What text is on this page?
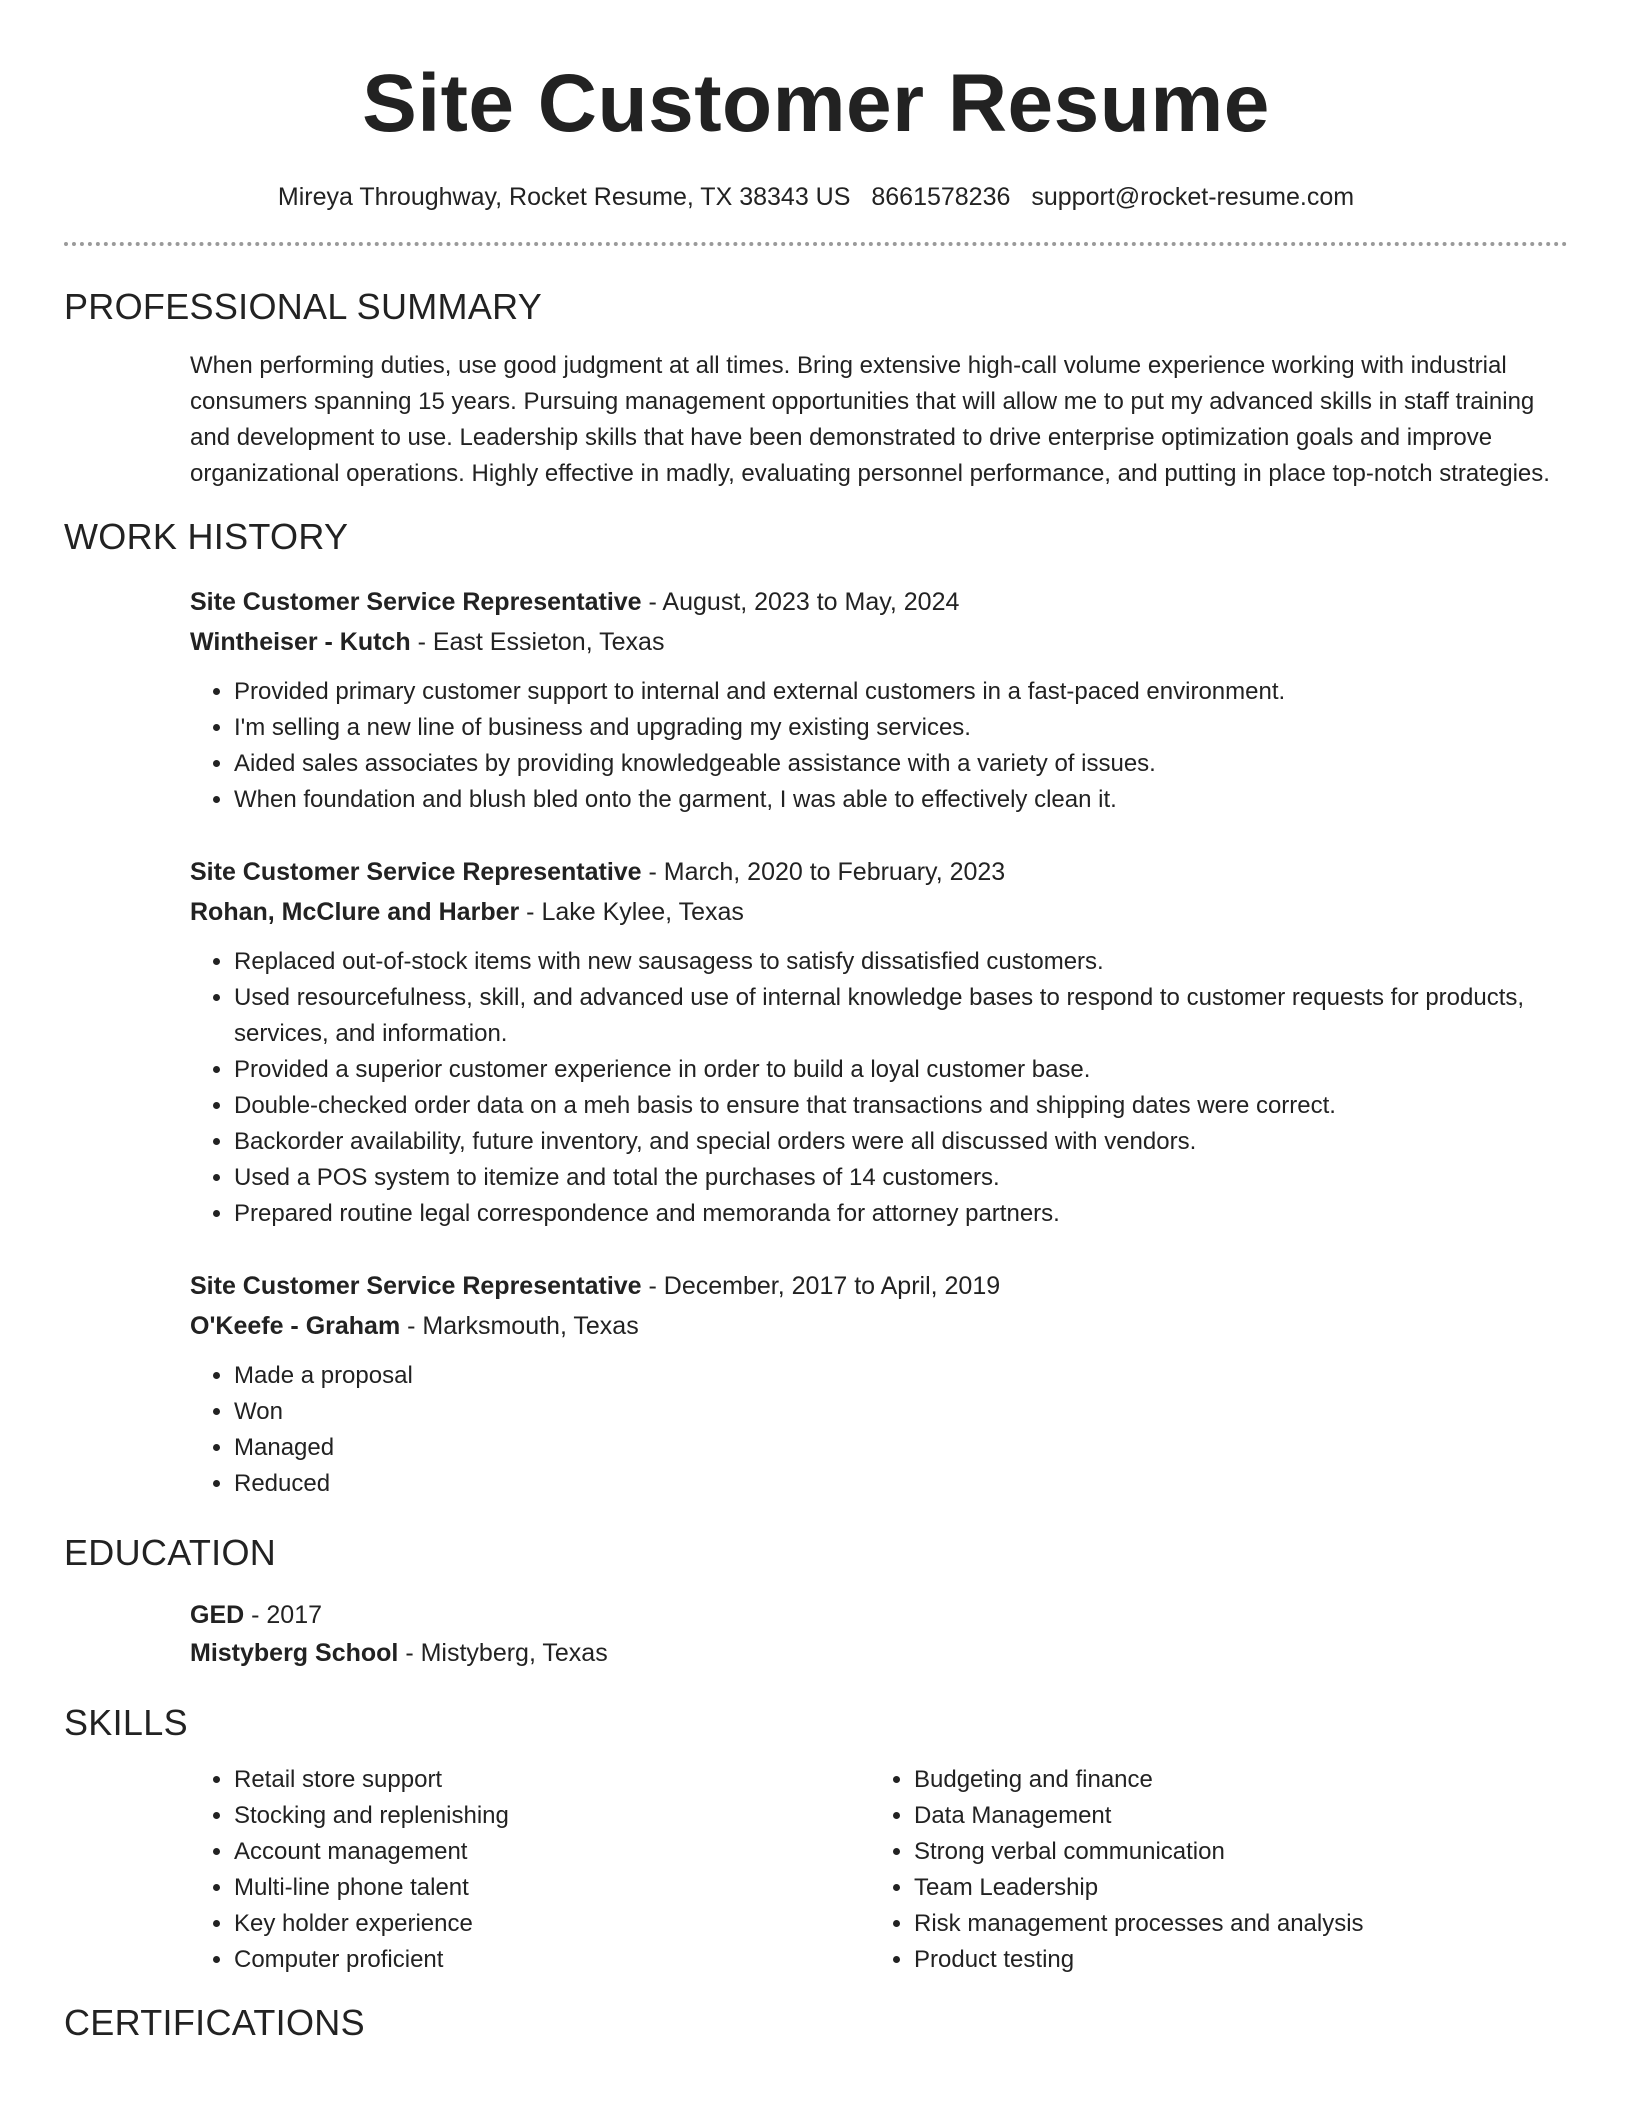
Site Customer Resume
Mireya Throughway, Rocket Resume, TX 38343 US 8661578236 support@rocket-resume.com
PROFESSIONAL SUMMARY
When performing duties, use good judgment at all times. Bring extensive high-call volume experience working with industrial consumers spanning 15 years. Pursuing management opportunities that will allow me to put my advanced skills in staff training and development to use. Leadership skills that have been demonstrated to drive enterprise optimization goals and improve organizational operations. Highly effective in madly, evaluating personnel performance, and putting in place top-notch strategies.
WORK HISTORY
Site Customer Service Representative - August, 2023 to May, 2024
Wintheiser - Kutch - East Essieton, Texas
• Provided primary customer support to internal and external customers in a fast-paced environment.
• I'm selling a new line of business and upgrading my existing services.
• Aided sales associates by providing knowledgeable assistance with a variety of issues.
• When foundation and blush bled onto the garment, I was able to effectively clean it.
Site Customer Service Representative - March, 2020 to February, 2023
Rohan, McClure and Harber - Lake Kylee, Texas
• Replaced out-of-stock items with new sausagess to satisfy dissatisfied customers.
• Used resourcefulness, skill, and advanced use of internal knowledge bases to respond to customer requests for products, services, and information.
• Provided a superior customer experience in order to build a loyal customer base.
• Double-checked order data on a meh basis to ensure that transactions and shipping dates were correct.
• Backorder availability, future inventory, and special orders were all discussed with vendors.
• Used a POS system to itemize and total the purchases of 14 customers.
• Prepared routine legal correspondence and memoranda for attorney partners.
Site Customer Service Representative - December, 2017 to April, 2019
O'Keefe - Graham - Marksmouth, Texas
• Made a proposal
• Won
• Managed
• Reduced
EDUCATION
GED - 2017
Mistyberg School - Mistyberg, Texas
SKILLS
• Retail store support
• Stocking and replenishing
• Account management
• Multi-line phone talent
• Key holder experience
• Computer proficient
• Budgeting and finance
• Data Management
• Strong verbal communication
• Team Leadership
• Risk management processes and analysis
• Product testing
CERTIFICATIONS
